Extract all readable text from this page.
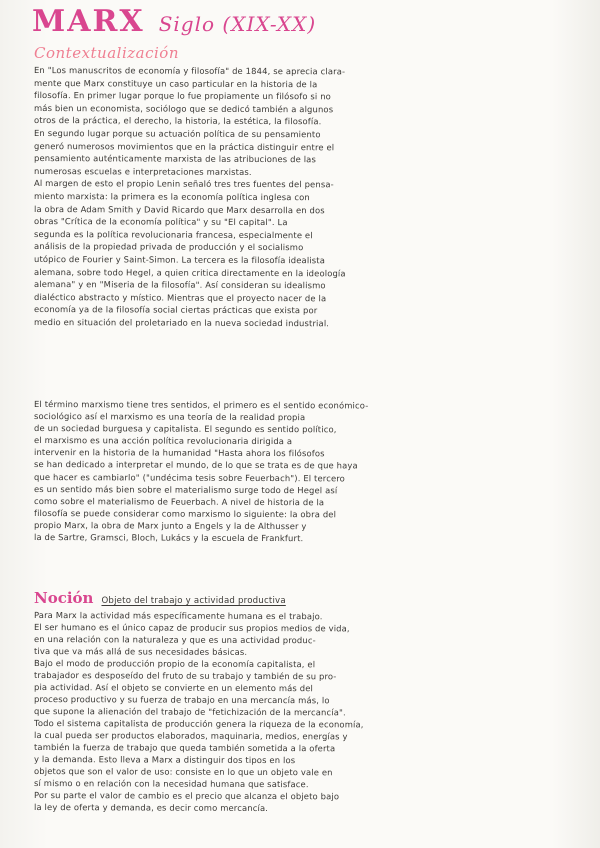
MARX Siglo (XIX-XX)
Contextualización
En "Los manuscritos de economía y filosofía" de 1844, se aprecia clara-
mente que Marx constituye un caso particular en la historia de la
filosofía. En primer lugar porque lo fue propiamente un filósofo si no
más bien un economista, sociólogo que se dedicó también a algunos
otros de la práctica, el derecho, la historia, la estética, la filosofía.
En segundo lugar porque su actuación política de su pensamiento
generó numerosos movimientos que en la práctica distinguir entre el
pensamiento auténticamente marxista de las atribuciones de las
numerosas escuelas e interpretaciones marxistas.
Al margen de esto el propio Lenin señaló tres tres fuentes del pensa-
miento marxista: la primera es la economía política inglesa con
la obra de Adam Smith y David Ricardo que Marx desarrolla en dos
obras "Crítica de la economía política" y su "El capital". La
segunda es la política revolucionaria francesa, especialmente el
análisis de la propiedad privada de producción y el socialismo
utópico de Fourier y Saint-Simon. La tercera es la filosofía idealista
alemana, sobre todo Hegel, a quien critica directamente en la ideología
alemana" y en "Miseria de la filosofía". Así consideran su idealismo
dialéctico abstracto y místico. Mientras que el proyecto nacer de la
economía ya de la filosofía social ciertas prácticas que exista por
medio en situación del proletariado en la nueva sociedad industrial.
El término marxismo tiene tres sentidos, el primero es el sentido económico-
sociológico así el marxismo es una teoría de la realidad propia
de un sociedad burguesa y capitalista. El segundo es sentido político,
el marxismo es una acción política revolucionaria dirigida a
intervenir en la historia de la humanidad "Hasta ahora los filósofos
se han dedicado a interpretar el mundo, de lo que se trata es de que haya
que hacer es cambiarlo" ("undécima tesis sobre Feuerbach"). El tercero
es un sentido más bien sobre el materialismo surge todo de Hegel así
como sobre el materialismo de Feuerbach. A nivel de historia de la
filosofía se puede considerar como marxismo lo siguiente: la obra del
propio Marx, la obra de Marx junto a Engels y la de Althusser y
la de Sartre, Gramsci, Bloch, Lukács y la escuela de Frankfurt.
Noción Objeto del trabajo y actividad productiva
Para Marx la actividad más específicamente humana es el trabajo.
El ser humano es el único capaz de producir sus propios medios de vida,
en una relación con la naturaleza y que es una actividad produc-
tiva que va más allá de sus necesidades básicas.
Bajo el modo de producción propio de la economía capitalista, el
trabajador es desposeído del fruto de su trabajo y también de su pro-
pia actividad. Así el objeto se convierte en un elemento más del
proceso productivo y su fuerza de trabajo en una mercancía más, lo
que supone la alienación del trabajo de "fetichización de la mercancía".
Todo el sistema capitalista de producción genera la riqueza de la economía,
la cual pueda ser productos elaborados, maquinaria, medios, energías y
también la fuerza de trabajo que queda también sometida a la oferta
y la demanda. Esto lleva a Marx a distinguir dos tipos en los
objetos que son el valor de uso: consiste en lo que un objeto vale en
sí mismo o en relación con la necesidad humana que satisface.
Por su parte el valor de cambio es el precio que alcanza el objeto bajo
la ley de oferta y demanda, es decir como mercancía.
